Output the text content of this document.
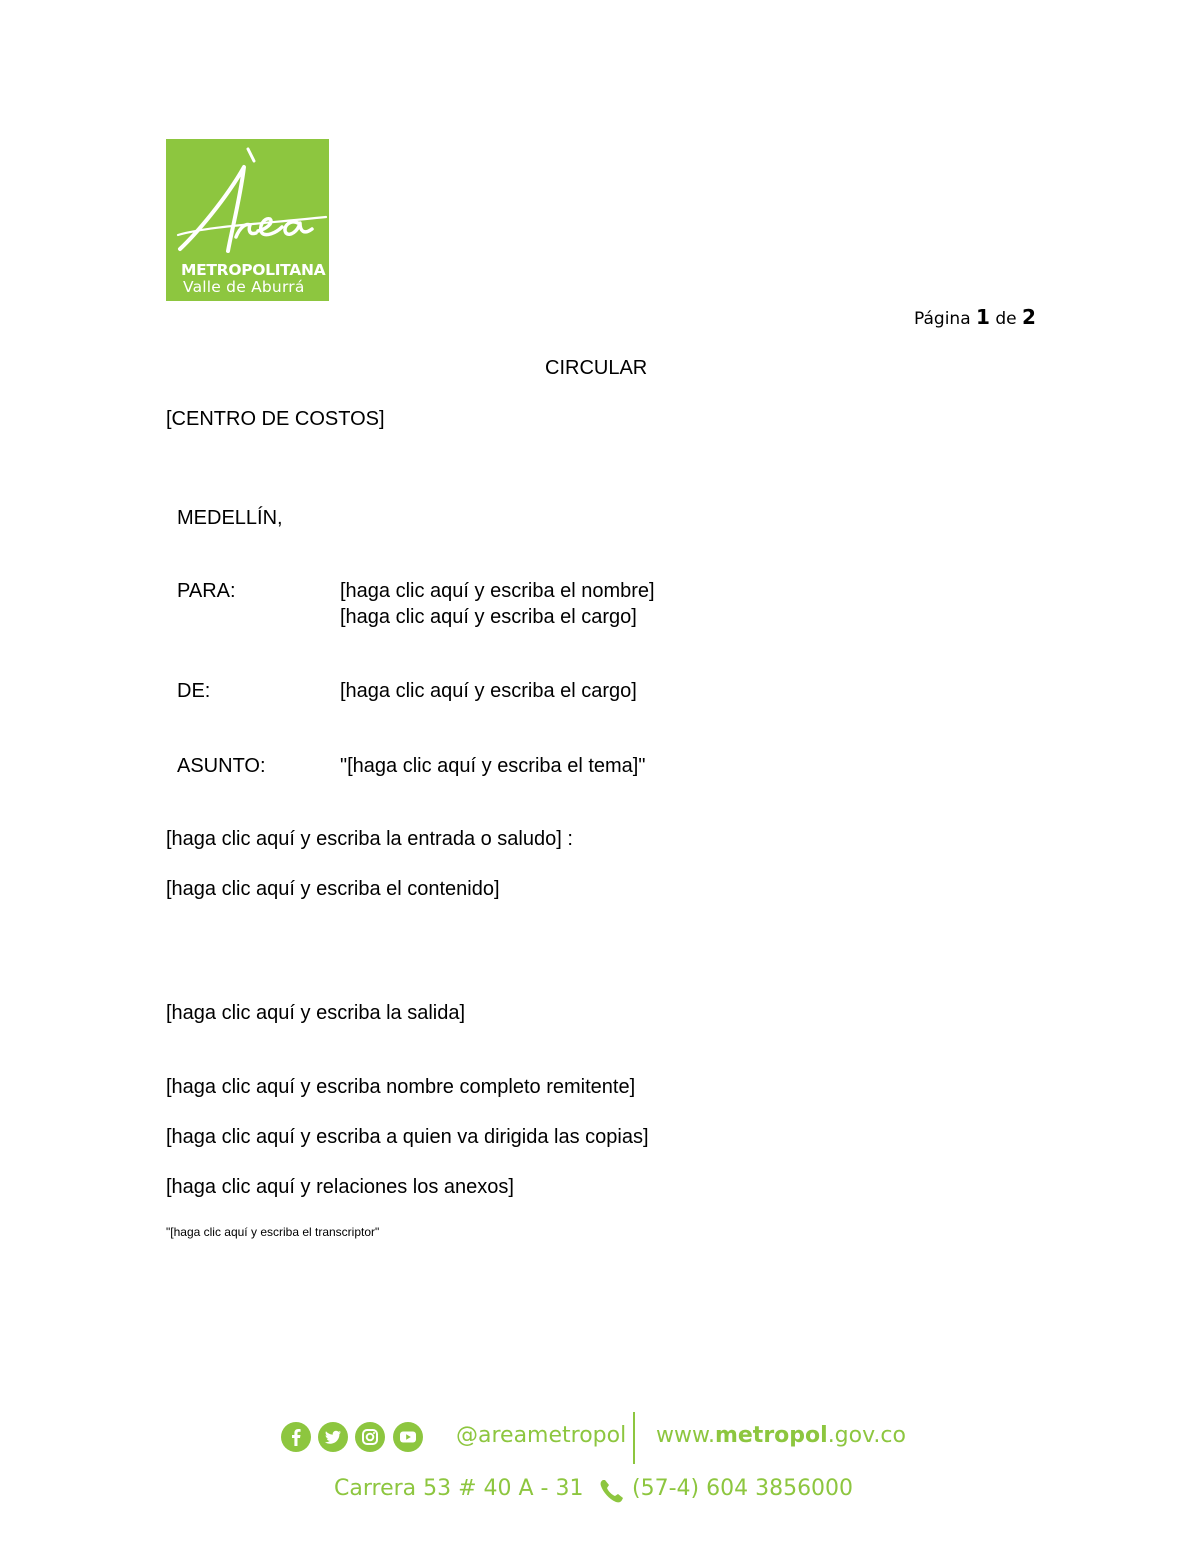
METROPOLITANA
Valle de Aburrá
Página 1 de 2
CIRCULAR
[CENTRO DE COSTOS]
MEDELLÍN,
PARA:	[haga clic aquí y escriba el nombre]
[haga clic aquí y escriba el cargo]
DE:	[haga clic aquí y escriba el cargo]
ASUNTO:	"[haga clic aquí y escriba el tema]"
[haga clic aquí y escriba la entrada o saludo] :
[haga clic aquí y escriba el contenido]
[haga clic aquí y escriba la salida]
[haga clic aquí y escriba nombre completo remitente]
[haga clic aquí y escriba a quien va dirigida las copias]
[haga clic aquí y relaciones los anexos]
"[haga clic aquí y escriba el transcriptor"
@areametropol www.metropol.gov.co
Carrera 53 # 40 A - 31 (57-4) 604 3856000
